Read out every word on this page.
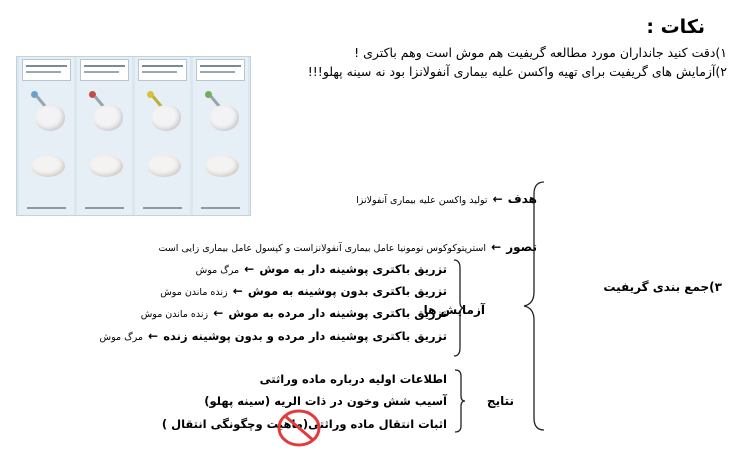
نکات :
۱)دقت کنید جانداران مورد مطالعه گریفیت هم موش است وهم باکتری !
۲)آزمایش های گریفیت برای تهیه واکسن علیه بیماری آنفولانزا بود نه سینه پهلو!!!
هدف ← تولید واکسن علیه بیماری آنفولانزا
تصور ← استرپتوکوکوس نومونیا عامل بیماری آنفولانزاست و کپسول عامل بیماری زایی است
۳)جمع بندی گریفیت
آزمایش ها
تزریق باکتری پوشینه دار به موش ← مرگ موش
تزریق باکتری بدون پوشینه به موش ← زنده ماندن موش
تزریق باکتری پوشینه دار مرده به موش ← زنده ماندن موش
تزریق باکتری پوشینه دار مرده و بدون پوشینه زنده ← مرگ موش
نتایج
اطلاعات اولیه درباره ماده وراثتی
آسیب شش وخون در ذات الریه (سینه پهلو)
اثبات انتقال ماده وراثتی(ماهیت وچگونگی انتقال )
